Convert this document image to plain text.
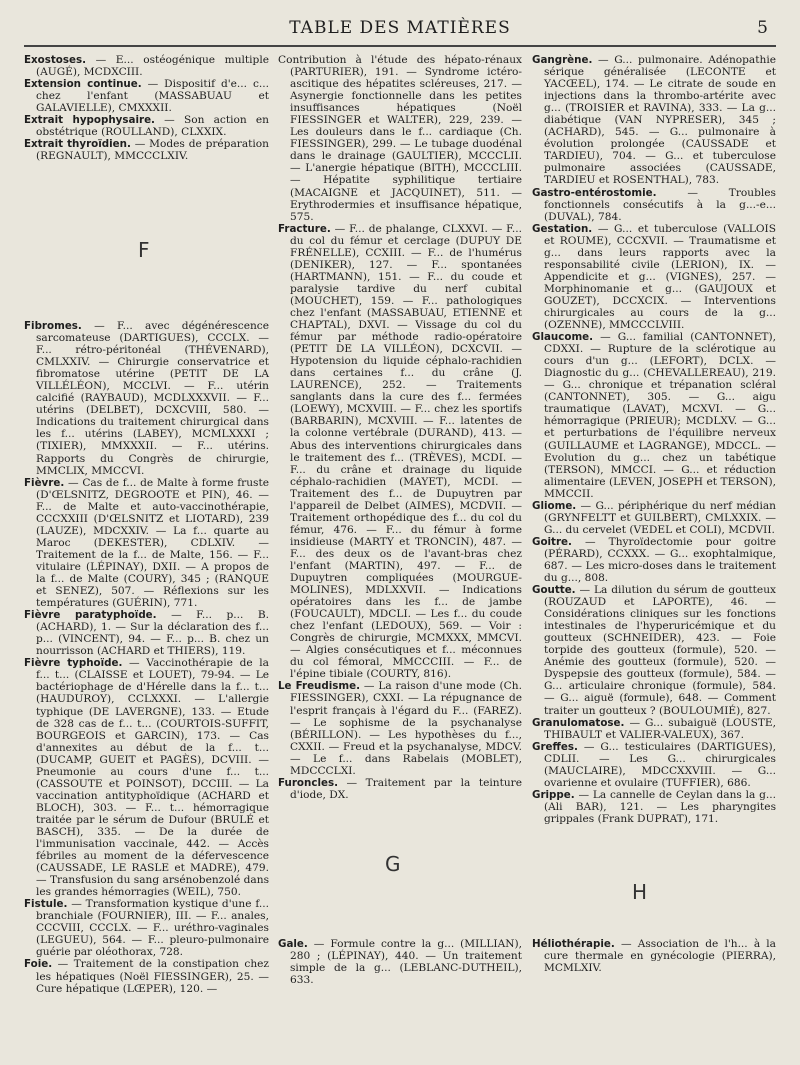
TABLE DES MATIÈRES	5

Exostoses. — E... ostéogénique multiple (AUGÉ), MCDXCIII.

Extension continue. — Dispositif d'e... c... chez l'enfant (MASSABUAU et GALAVIELLE), CMXXXII.

Extrait hypophysaire. — Son action en obstétrique (ROULLAND), CLXXIX.

Extrait thyroïdien. — Modes de préparation (REGNAULT), MMCCCLXIV.

F

Fibromes. — F... avec dégénérescence sarcomateuse (DARTIGUES), CCCLX. — F... rétro-péritonéal (THÉVENARD), CMLXXIV. — Chirurgie conservatrice et fibromatose utérine (PETIT DE LA VILLÉLÉON), MCCLVI. — F... utérin calcifié (RAYBAUD), MCDLXXXVII. — F... utérins (DELBET), DCXCVIII, 580. — Indications du traitement chirurgical dans les f... utérins (LABEY), MCMLXXXI ; (TIXIER), MMXXXII. — F... utérins. Rapports du Congrès de chirurgie, MMCLIX, MMCCVI.

Fièvre. — Cas de f... de Malte à forme fruste (D'ŒLSNITZ, DEGROOTE et PIN), 46. — F... de Malte et auto-vaccinothérapie, CCCXXIII (D'ŒLSNITZ et LIOTARD), 239 (LAUZE), MDCXXIV. — La f... quarte au Maroc (DEKESTER), CDLXIV. — Traitement de la f... de Malte, 156. — F... vitulaire (LÉPINAY), DXII. — A propos de la f... de Malte (COURY), 345 ; (RANQUE et SENEZ), 507. — Réflexions sur les températures (GUÉRIN), 771.

Fièvre paratyphoïde. — F... p... B. (ACHARD), 1. — Sur la déclaration des f... p... (VINCENT), 94. — F... p... B. chez un nourrisson (ACHARD et THIERS), 119.

Fièvre typhoïde. — Vaccinothérapie de la f... t... (CLAISSE et LOUET), 79-94. — Le bactériophage de d'Hérelle dans la f... t... (HAUDUROY), CCLXXXI. — L'allergie typhique (DE LAVERGNE), 133. — Etude de 328 cas de f... t... (COURTOIS-SUFFIT, BOURGEOIS et GARCIN), 173. — Cas d'annexites au début de la f... t... (DUCAMP, GUEIT et PAGÈS), DCVIII. — Pneumonie au cours d'une f... t... (CASSOUTE et POINSOT), DCCIII. — La vaccination antityphoïdique (ACHARD et BLOCH), 303. — F... t... hémorragique traitée par le sérum de Dufour (BRULÉ et BASCH), 335. — De la durée de l'immunisation vaccinale, 442. — Accès fébriles au moment de la défervescence (CAUSSADE, LE RASLE et MADRE), 479. — Transfusion du sang arsénobenzolé dans les grandes hémorragies (WEIL), 750.

Fistule. — Transformation kystique d'une f... branchiale (FOURNIER), III. — F... anales, CCCVIII, CCCLX. — F... uréthro-vaginales (LEGUEU), 564. — F... pleuro-pulmonaire guérie par oléothorax, 728.

Foie. — Traitement de la constipation chez les hépatiques (Noël FIESSINGER), 25. — Cure hépatique (LŒPER), 120. —

Contribution à l'étude des hépato-rénaux (PARTURIER), 191. — Syndrome ictéro-ascitique des hépatites scléreuses, 217. — Asynergie fonctionnelle dans les petites insuffisances hépatiques (Noël FIESSINGER et WALTER), 229, 239. — Les douleurs dans le f... cardiaque (Ch. FIESSINGER), 299. — Le tubage duodénal dans le drainage (GAULTIER), MCCCLII. — L'anergie hépatique (BITH), MCCCLIII. — Hépatite syphilitique tertiaire (MACAIGNE et JACQUINET), 511. — Erythrodermies et insuffisance hépatique, 575.

Fracture. — F... de phalange, CLXXVI. — F... du col du fémur et cerclage (DUPUY DE FRÉNELLE), CCXIII. — F... de l'humérus (DENIKER), 127. — F... spontanées (HARTMANN), 151. — F... du coude et paralysie tardive du nerf cubital (MOUCHET), 159. — F... pathologiques chez l'enfant (MASSABUAU, ETIENNE et CHAPTAL), DXVI. — Vissage du col du fémur par méthode radio-opératoire (PETIT DE LA VILLÉON), DCXCVII. — Hypotension du liquide céphalo-rachidien dans certaines f... du crâne (J. LAURENCE), 252. — Traitements sanglants dans la cure des f... fermées (LOEWY), MCXVIII. — F... chez les sportifs (BARBARIN), MCXVIII. — F... latentes de la colonne vertébrale (DURAND), 413. — Abus des interventions chirurgicales dans le traitement des f... (TRÈVES), MCDI. — F... du crâne et drainage du liquide céphalo-rachidien (MAYET), MCDI. — Traitement des f... de Dupuytren par l'appareil de Delbet (AIMES), MCDVII. — Traitement orthopédique des f... du col du fémur, 476. — F... du fémur à forme insidieuse (MARTY et TRONCIN), 487. — F... des deux os de l'avant-bras chez l'enfant (MARTIN), 497. — F... de Dupuytren compliquées (MOURGUE-MOLINES), MDLXXVII. — Indications opératoires dans les f... de jambe (FOUCAULT), MDCLI. — Les f... du coude chez l'enfant (LEDOUX), 569. — Voir : Congrès de chirurgie, MCMXXX, MMCVI. — Algies consécutiques et f... méconnues du col fémoral, MMCCCIII. — F... de l'épine tibiale (COURTY, 816).

Le Freudisme. — La raison d'une mode (Ch. FIESSINGER), CXXI. — La répugnance de l'esprit français à l'égard du F... (FAREZ). — Le sophisme de la psychanalyse (BÉRILLON). — Les hypothèses du f..., CXXII. — Freud et la psychanalyse, MDCV. — Le f... dans Rabelais (MOBLET), MDCCCLXI.

Furoncles. — Traitement par la teinture d'iode, DX.

G

Gale. — Formule contre la g... (MILLIAN), 280 ; (LÉPINAY), 440. — Un traitement simple de la g... (LEBLANC-DUTHEIL), 633.

Gangrène. — G... pulmonaire. Adénopathie sérique généralisée (LECONTE et YACŒEL), 174. — Le citrate de soude en injections dans la thrombo-artérite avec g... (TROISIER et RAVINA), 333. — La g... diabétique (VAN NYPRESER), 345 ; (ACHARD), 545. — G... pulmonaire à évolution prolongée (CAUSSADE et TARDIEU), 704. — G... et tuberculose pulmonaire associées (CAUSSADE, TARDIEU et ROSENTHAL), 783.

Gastro-entérostomie. — Troubles fonctionnels consécutifs à la g...-e... (DUVAL), 784.

Gestation. — G... et tuberculose (VALLOIS et ROUME), CCCXVII. — Traumatisme et g... dans leurs rapports avec la responsabilité civile (LERION), IX. — Appendicite et g... (VIGNES), 257. — Morphinomanie et g... (GAUJOUX et GOUZET), DCCXCIX. — Interventions chirurgicales au cours de la g... (OZENNE), MMCCCLVIII.

Glaucome. — G... familial (CANTONNET), CDXXI. — Rupture de la sclérotique au cours d'un g... (LEFORT), DCLX. — Diagnostic du g... (CHEVALLEREAU), 219. — G... chronique et trépanation scléral (CANTONNET), 305. — G... aigu traumatique (LAVAT), MCXVI. — G... hémorragique (PRIEUR); MCDLXV. — G... et perturbations de l'équilibre nerveux (GUILLAUME et LAGRANGE), MDCCL. — Evolution du g... chez un tabétique (TERSON), MMCCI. — G... et réduction alimentaire (LEVEN, JOSEPH et TERSON), MMCCII.

Gliome. — G... périphérique du nerf médian (GRYNFELTT et GUILBERT), CMLXXIX. — G... du cervelet (VEDEL et COLI), MCDVII.

Goitre. — Thyroïdectomie pour goitre (PÉRARD), CCXXX. — G... exophtalmique, 687. — Les micro-doses dans le traitement du g..., 808.

Goutte. — La dilution du sérum de goutteux (ROUZAUD et LAPORTE), 46. — Considérations cliniques sur les fonctions intestinales de l'hyperuricémique et du goutteux (SCHNEIDER), 423. — Foie torpide des goutteux (formule), 520. — Anémie des goutteux (formule), 520. — Dyspepsie des goutteux (formule), 584. — G... articulaire chronique (formule), 584. — G... aiguë (formule), 648. — Comment traiter un goutteux ? (BOULOUMIÉ), 827.

Granulomatose. — G... subaiguë (LOUSTE, THIBAULT et VALIER-VALEUX), 367.

Greffes. — G... testiculaires (DARTIGUES), CDLII. — Les G... chirurgicales (MAUCLAIRE), MDCCXXVIII. — G... ovarienne et ovulaire (TUFFIER), 686.

Grippe. — La cannelle de Ceylan dans la g... (Ali BAR), 121. — Les pharyngites grippales (Frank DUPRAT), 171.

H

Héliothérapie. — Association de l'h... à la cure thermale en gynécologie (PIERRA), MCMLXIV.
